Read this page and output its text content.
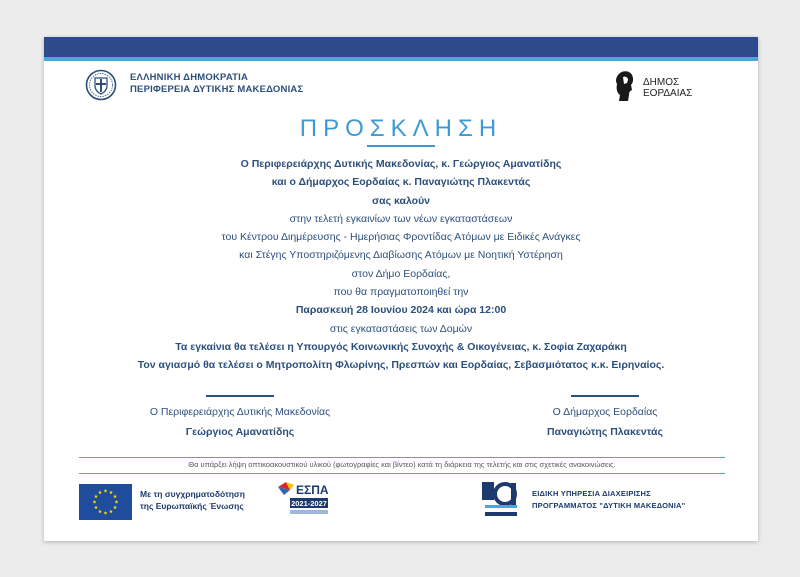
ΕΛΛΗΝΙΚΗ ΔΗΜΟΚΡΑΤΙΑ
ΠΕΡΙΦΕΡΕΙΑ ΔΥΤΙΚΗΣ ΜΑΚΕΔΟΝΙΑΣ
ΔΗΜΟΣ
ΕΟΡΔΑΙΑΣ
ΠΡΟΣΚΛΗΣΗ
Ο Περιφερειάρχης Δυτικής Μακεδονίας, κ. Γεώργιος Αμανατίδης
και ο Δήμαρχος Εορδαίας κ. Παναγιώτης Πλακεντάς
σας καλούν
στην τελετή εγκαινίων των νέων εγκαταστάσεων
του Κέντρου Διημέρευσης - Ημερήσιας Φροντίδας Ατόμων με Ειδικές Ανάγκες
και Στέγης Υποστηριζόμενης Διαβίωσης Ατόμων με Νοητική Υστέρηση
στον Δήμο Εορδαίας,
που θα πραγματοποιηθεί την
Παρασκευή 28 Ιουνίου 2024 και ώρα 12:00
στις εγκαταστάσεις των Δομών
Τα εγκαίνια θα τελέσει η Υπουργός Κοινωνικής Συνοχής & Οικογένειας, κ. Σοφία Ζαχαράκη
Τον αγιασμό θα τελέσει ο Μητροπολίτη Φλωρίνης, Πρεσπών και Εορδαίας, Σεβασμιότατος κ.κ. Ειρηναίος.
Ο Περιφερειάρχης Δυτικής Μακεδονίας
Γεώργιος Αμανατίδης
Ο Δήμαρχος Εορδαίας
Παναγιώτης Πλακεντάς
Θα υπάρξει λήψη οπτικοακουστικού υλικού (φωτογραφίες και βίντεο) κατά τη διάρκεια της τελετής και στις σχετικές ανακοινώσεις.
Με τη συγχρηματοδότηση
της Ευρωπαϊκής Ένωσης
ΕΣΠΑ
2021-2027
ΕΙΔΙΚΗ ΥΠΗΡΕΣΙΑ ΔΙΑΧΕΙΡΙΣΗΣ
ΠΡΟΓΡΑΜΜΑΤΟΣ "ΔΥΤΙΚΗ ΜΑΚΕΔΟΝΙΑ"
